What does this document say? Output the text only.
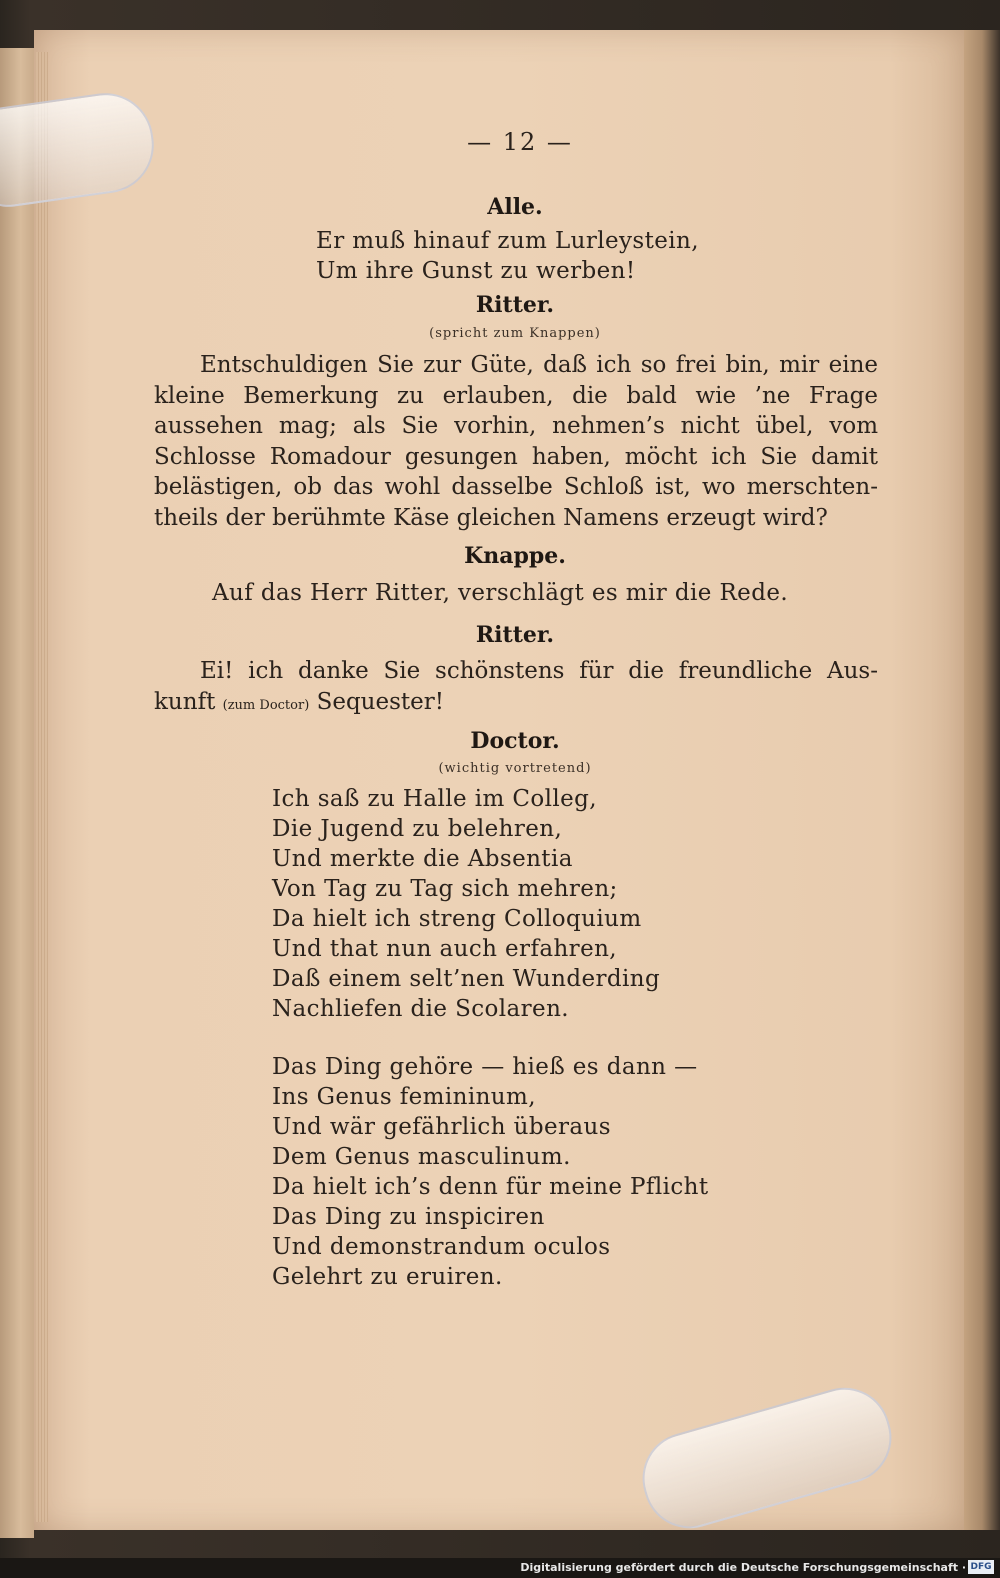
— 12 —
Alle.
Er muß hinauf zum Lurleystein,
Um ihre Gunst zu werben!
Ritter.
(spricht zum Knappen)
Entschuldigen Sie zur Güte, daß ich so frei bin, mir eine kleine Bemerkung zu erlauben, die bald wie ’ne Frage aussehen mag; als Sie vorhin, nehmen’s nicht übel, vom Schlosse Romadour gesungen haben, möcht ich Sie damit belästigen, ob das wohl dasselbe Schloß ist, wo merschten-theils der berühmte Käse gleichen Namens erzeugt wird?
Knappe.
Auf das Herr Ritter, verschlägt es mir die Rede.
Ritter.
Ei! ich danke Sie schönstens für die freundliche Aus-kunft (zum Doctor) Sequester!
Doctor.
(wichtig vortretend)
Ich saß zu Halle im Colleg,
Die Jugend zu belehren,
Und merkte die Absentia
Von Tag zu Tag sich mehren;
Da hielt ich streng Colloquium
Und that nun auch erfahren,
Daß einem selt’nen Wunderding
Nachliefen die Scolaren.
Das Ding gehöre — hieß es dann —
Ins Genus femininum,
Und wär gefährlich überaus
Dem Genus masculinum.
Da hielt ich’s denn für meine Pflicht
Das Ding zu inspiciren
Und demonstrandum oculos
Gelehrt zu eruiren.
Digitalisierung gefördert durch die Deutsche Forschungsgemeinschaft · DFG
